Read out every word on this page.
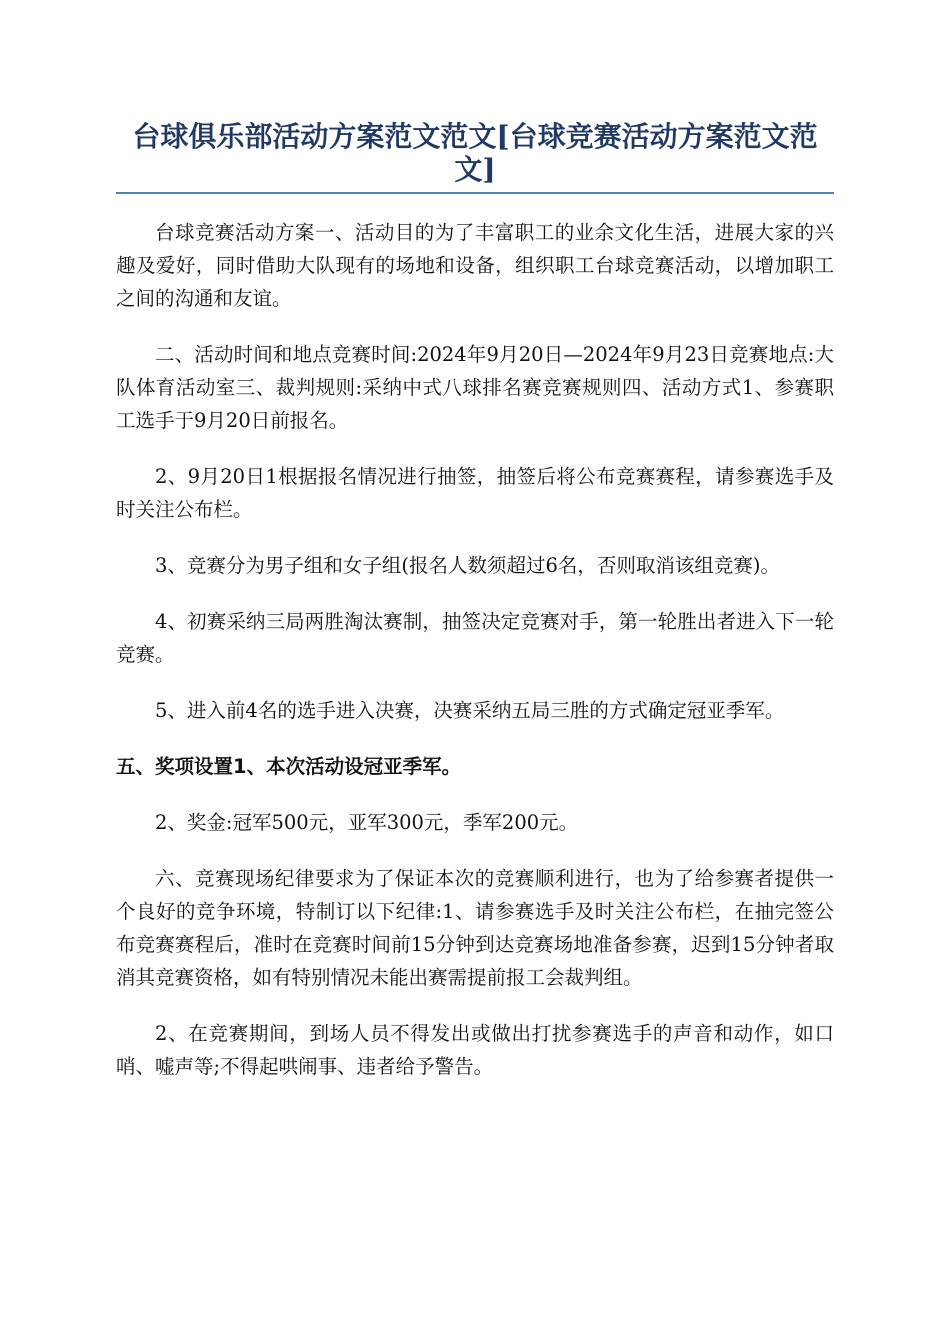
台球俱乐部活动方案范文范文[台球竞赛活动方案范文范文]

台球竞赛活动方案一、活动目的为了丰富职工的业余文化生活，进展大家的兴趣及爱好，同时借助大队现有的场地和设备，组织职工台球竞赛活动，以增加职工之间的沟通和友谊。

二、活动时间和地点竞赛时间:2024年9月20日—2024年9月23日竞赛地点:大队体育活动室三、裁判规则:采纳中式八球排名赛竞赛规则四、活动方式1、参赛职工选手于9月20日前报名。

2、9月20日1根据报名情况进行抽签，抽签后将公布竞赛赛程，请参赛选手及时关注公布栏。

3、竞赛分为男子组和女子组(报名人数须超过6名，否则取消该组竞赛)。

4、初赛采纳三局两胜淘汰赛制，抽签决定竞赛对手，第一轮胜出者进入下一轮竞赛。

5、进入前4名的选手进入决赛，决赛采纳五局三胜的方式确定冠亚季军。

五、奖项设置1、本次活动设冠亚季军。

2、奖金:冠军500元，亚军300元，季军200元。

六、竞赛现场纪律要求为了保证本次的竞赛顺利进行，也为了给参赛者提供一个良好的竞争环境，特制订以下纪律:1、请参赛选手及时关注公布栏，在抽完签公布竞赛赛程后，准时在竞赛时间前15分钟到达竞赛场地准备参赛，迟到15分钟者取消其竞赛资格，如有特别情况未能出赛需提前报工会裁判组。

2、在竞赛期间，到场人员不得发出或做出打扰参赛选手的声音和动作，如口哨、嘘声等;不得起哄闹事、违者给予警告。
